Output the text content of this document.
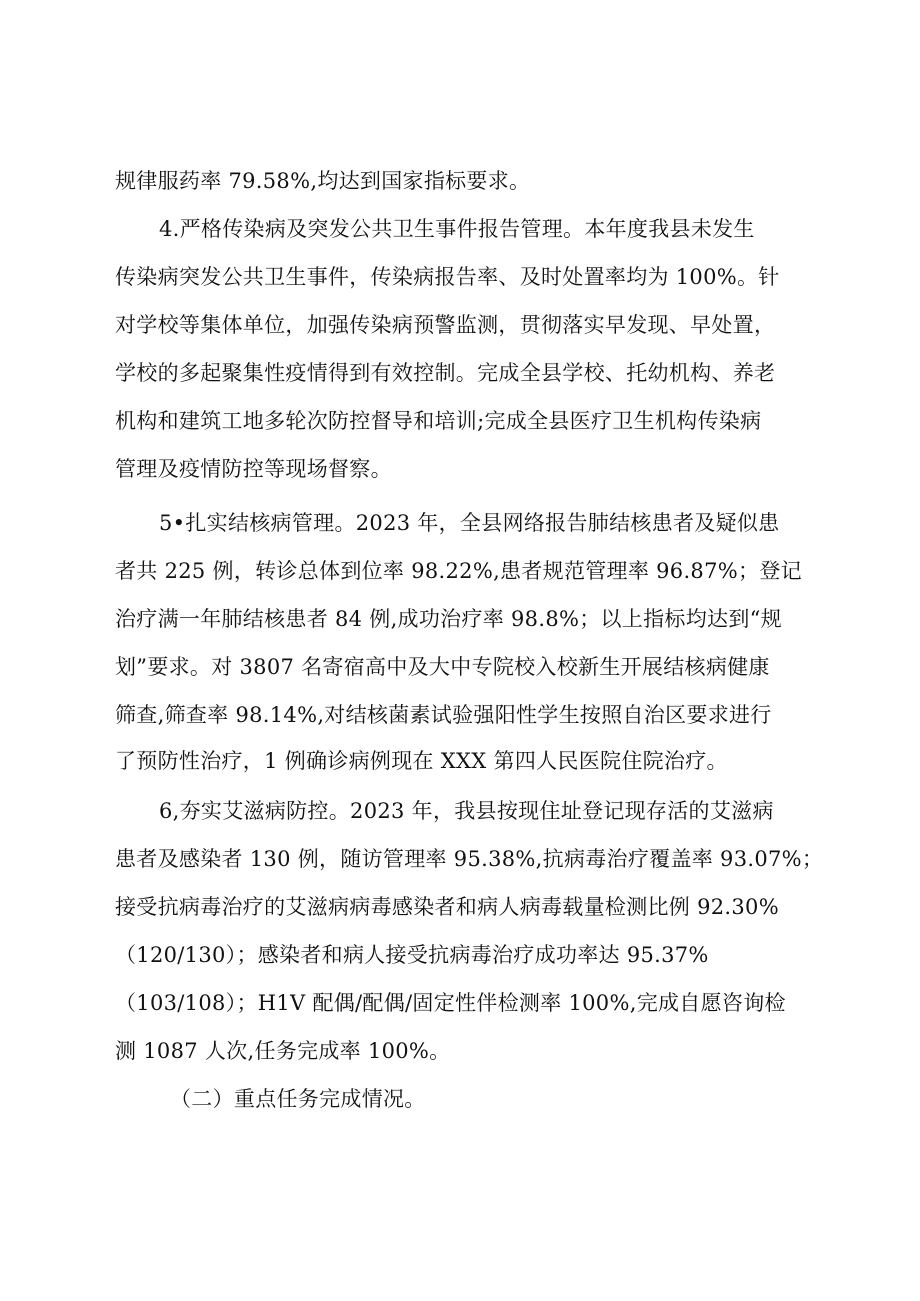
规律服药率 79.58%,均达到国家指标要求。

4.严格传染病及突发公共卫生事件报告管理。本年度我县未发生

传染病突发公共卫生事件，传染病报告率、及时处置率均为 100%。针

对学校等集体单位，加强传染病预警监测，贯彻落实早发现、早处置，

学校的多起聚集性疫情得到有效控制。完成全县学校、托幼机构、养老

机构和建筑工地多轮次防控督导和培训;完成全县医疗卫生机构传染病

管理及疫情防控等现场督察。

5•扎实结核病管理。2023 年，全县网络报告肺结核患者及疑似患

者共 225 例，转诊总体到位率 98.22%,患者规范管理率 96.87%；登记

治疗满一年肺结核患者 84 例,成功治疗率 98.8%；以上指标均达到“规

划”要求。对 3807 名寄宿高中及大中专院校入校新生开展结核病健康

筛查,筛查率 98.14%,对结核菌素试验强阳性学生按照自治区要求进行

了预防性治疗，1 例确诊病例现在 XXX 第四人民医院住院治疗。

6,夯实艾滋病防控。2023 年，我县按现住址登记现存活的艾滋病

患者及感染者 130 例，随访管理率 95.38%,抗病毒治疗覆盖率 93.07%；

接受抗病毒治疗的艾滋病病毒感染者和病人病毒载量检测比例 92.30%

（120/130）；感染者和病人接受抗病毒治疗成功率达 95.37%

（103/108）；H1V 配偶/配偶/固定性伴检测率 100%,完成自愿咨询检

测 1087 人次,任务完成率 100%。

（二）重点任务完成情况。
